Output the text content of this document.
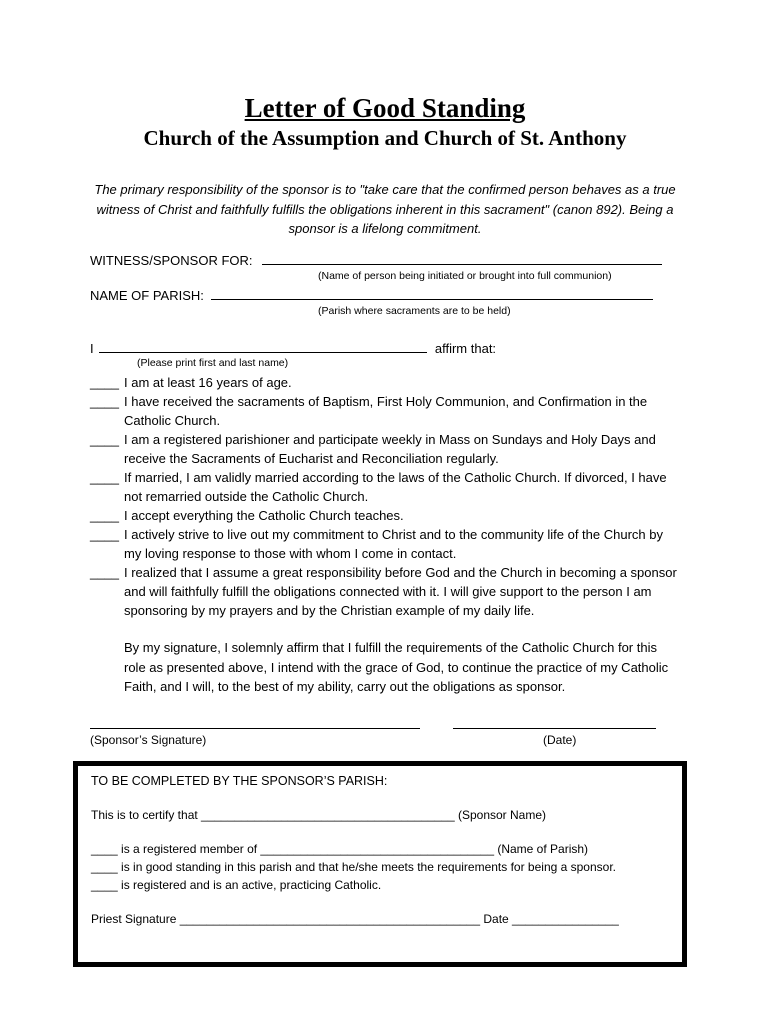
Letter of Good Standing
Church of the Assumption and Church of St. Anthony
The primary responsibility of the sponsor is to "take care that the confirmed person behaves as a true witness of Christ and faithfully fulfills the obligations inherent in this sacrament" (canon 892). Being a sponsor is a lifelong commitment.
WITNESS/SPONSOR FOR:
(Name of person being initiated or brought into full communion)
NAME OF PARISH:
(Parish where sacraments are to be held)
I	affirm that:
(Please print first and last name)
____ I am at least 16 years of age.
____ I have received the sacraments of Baptism, First Holy Communion, and Confirmation in the Catholic Church.
____ I am a registered parishioner and participate weekly in Mass on Sundays and Holy Days and receive the Sacraments of Eucharist and Reconciliation regularly.
____ If married, I am validly married according to the laws of the Catholic Church. If divorced, I have not remarried outside the Catholic Church.
____ I accept everything the Catholic Church teaches.
____ I actively strive to live out my commitment to Christ and to the community life of the Church by my loving response to those with whom I come in contact.
____ I realized that I assume a great responsibility before God and the Church in becoming a sponsor and will faithfully fulfill the obligations connected with it. I will give support to the person I am sponsoring by my prayers and by the Christian example of my daily life.
By my signature, I solemnly affirm that I fulfill the requirements of the Catholic Church for this role as presented above, I intend with the grace of God, to continue the practice of my Catholic Faith, and I will, to the best of my ability, carry out the obligations as sponsor.
(Sponsor’s Signature)	(Date)
TO BE COMPLETED BY THE SPONSOR’S PARISH:
This is to certify that ______________________________________ (Sponsor Name)
____ is a registered member of ___________________________________ (Name of Parish)
____ is in good standing in this parish and that he/she meets the requirements for being a sponsor.
____ is registered and is an active, practicing Catholic.
Priest Signature _____________________________________________ Date ________________
